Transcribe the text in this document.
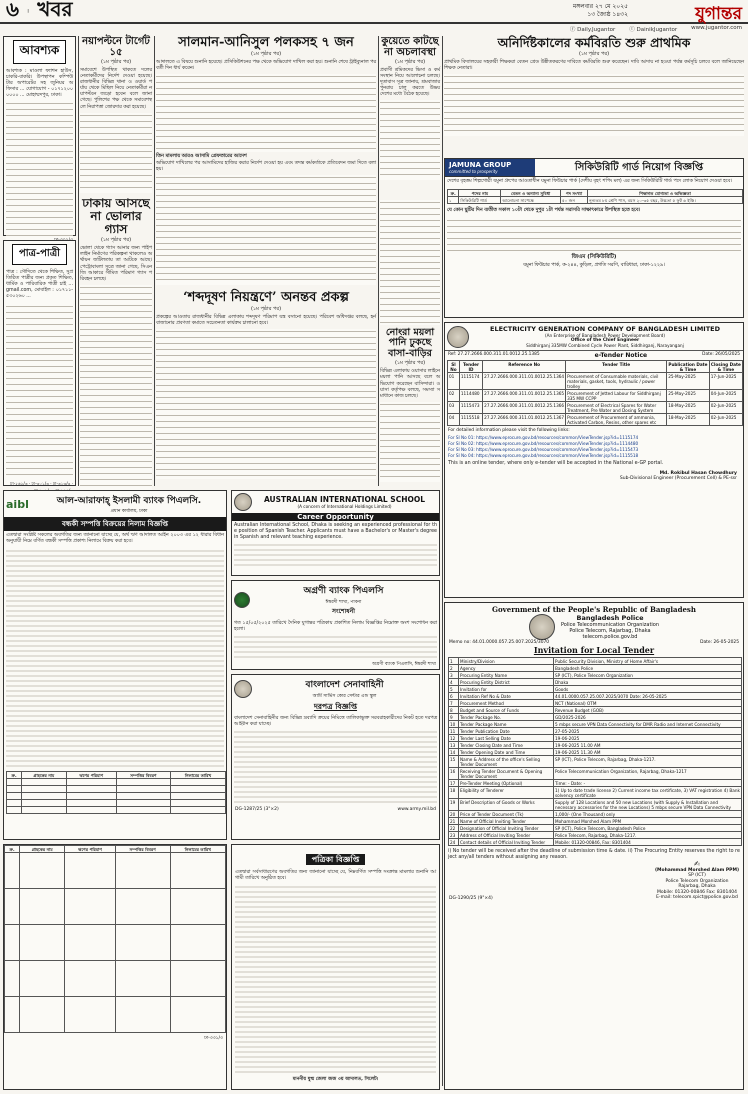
৬  |  খবর	মঙ্গলবার ২৭ মে ২০২৫
১৩ জ্যৈষ্ঠ ১৪৩২	যুগান্তর
ⓕ Daily.Jugantor	ⓣ DainikJugantor	www.jugantor.com
আবশ্যক
আবশ্যক : মাওলা ফ্যাশন হাউস, চাকরি-বাকরি। উপস্থাপন কম্পিউটার অপারেটর সহ জুনিয়র অফিসার ... যোগাযোগ - ০১৭১২০০০০০০ ... মোহাম্মদপুর, ঢাকা।
পাত্র-পাত্রী
পাত্র : সৌদিতে থেকে শিক্ষিত, সুপ্রতিষ্ঠিত পাত্রীর জন্য প্রকৃত শিক্ষিত, ধার্মিক ও পারিবারিক পাত্রী চাই ... gmail.com, মোবাইল : ০১৭১১-৫৩০২৬০ ...
ঢা-২৬২/৩ · ঢা-৩০১/৩ · ঢা-৩১৩/৩ ·
নয়াপল্টনে টার্গেট ১৫
(১ম পৃষ্ঠার পর)
সমাবেশে উপস্থিত থাকতে দলের নেতাকর্মীদের নির্দেশ দেওয়া হয়েছে। রাজধানীর বিভিন্ন থানা ও ওয়ার্ড পর্যায় থেকে মিছিল নিয়ে নেতাকর্মীরা নয়াপল্টনে জড়ো হবেন বলে জানা গেছে। পুলিশের পক্ষ থেকে সমাবেশস্থলে নিরাপত্তা জোরদার করা হয়েছে।
ঢাকায় আসছে না ভোলার গ্যাস
(১ম পৃষ্ঠার পর)
ভোলা থেকে গ্যাস আনার জন্য পাইপলাইন নির্মাণের পরিকল্পনা থাকলেও অর্থায়ন জটিলতায় তা আটকে আছে। পেট্রোবাংলা সূত্রে জানা গেছে, সিএনজি আকারে সীমিত পরিমাণ গ্যাস পরিবহন চলছে।
সালমান-আনিসুল পলকসহ ৭ জন
(১ম পৃষ্ঠার পর)
আদালতে এ বিষয়ে শুনানি হয়েছে। প্রসিকিউশনের পক্ষ থেকে অভিযোগ দাখিল করা হয়। শুনানি শেষে ট্রাইব্যুনাল পরবর্তী দিন ধার্য করেন।
তিন মামলায় আরও আসামি গ্রেফতারের আদেশ
অভিযোগ দাখিলের পর আসামিদের হাজির করার নির্দেশ দেওয়া হয় এবং তদন্ত কর্মকর্তাকে প্রতিবেদন জমা দিতে বলা হয়।
‘শব্দদূষণ নিয়ন্ত্রণে’ অনন্তব প্রকল্প
(১ম পৃষ্ঠার পর)
প্রকল্পের আওতায় রাজধানীর বিভিন্ন এলাকায় শব্দদূষণ পরিমাপ যন্ত্র বসানো হয়েছে। পরিবেশ অধিদপ্তর বলছে, হর্ন বাজানোর প্রবণতা কমাতে সচেতনতা কার্যক্রম চালানো হবে।
কুয়েতে কাটছে না অচলাবস্থা
(১ম পৃষ্ঠার পর)
প্রবাসী শ্রমিকদের ভিসা ও কর্মসংস্থান নিয়ে আলোচনা চলছে। দূতাবাস সূত্র জানায়, শ্রমবাজার পুনরায় চালু করতে উভয় দেশের মধ্যে বৈঠক হয়েছে।
অনির্দিষ্টকালের কর্মবিরতি শুরু প্রাথমিক
(১ম পৃষ্ঠার পর)
প্রাথমিক বিদ্যালয়ের সহকারী শিক্ষকরা বেতন গ্রেড উন্নীতকরণের দাবিতে কর্মবিরতি শুরু করেছেন। দাবি আদায় না হওয়া পর্যন্ত কর্মসূচি চলবে বলে জানিয়েছেন শিক্ষক নেতারা।
JAMUNA GROUP
committed to prosperity	সিকিউরিটি গার্ড নিয়োগ বিজ্ঞপ্তি
দেশের বৃহত্তম শিল্পগোষ্ঠী যমুনা গ্রুপের আওতাধীন যমুনা ফিউচার পার্ক (দেশীয় বৃহৎ শপিং মল) এর জন্য সিকিউরিটি গার্ড পদে লোক নিয়োগ দেওয়া হবে।
ক্র.	পদের নাম	বেতন ও অন্যান্য সুবিধা	পদ সংখ্যা	শিক্ষাগত যোগ্যতা ও অভিজ্ঞতা
১	সিকিউরিটি গার্ড	আলোচনা সাপেক্ষে	৫০ জন	নূন্যতম ৮ম শ্রেণি পাস, বয়স ২০-৩৫ বছর, উচ্চতা ৫ ফুট ৬ ইঞ্চি।
যে কোন ছুটির দিন ব্যতীত সকাল ১০টা থেকে দুপুর ১টা পর্যন্ত সরাসরি সাক্ষাৎকারে উপস্থিত হতে হবে।
জিএম (সিকিউরিটি)
যমুনা ফিউচার পার্ক, ক-২৪৪, কুড়িল, প্রগতি সরণি, বারিধারা, ঢাকা-১২২৯।
নোংরা ময়লা পানি ঢুকছে বাসা-বাড়ির
(১ম পৃষ্ঠার পর)
বিভিন্ন এলাকায় ওয়াসার লাইনে ময়লা পানি আসছে বলে অভিযোগ করেছেন বাসিন্দারা। ওয়াসা কর্তৃপক্ষ বলছে, সমস্যা সমাধানে কাজ চলছে।
ELECTRICITY GENERATION COMPANY OF BANGLADESH LIMITED
(An Enterprise of Bangladesh Power Development Board)
Office of the Chief Engineer
Siddhirganj 335MW Combined Cycle Power Plant, Siddhirganj, Narayanganj
Ref: 27.27.2666.000.311.01.0012.25.1385	e-Tender Notice	Date: 26/05/2025
Sl No	Tender ID	Reference No	Tender Title	Publication Date & Time	Closing Date & Time
01	1115174	27.27.2666.000.311.01.0012.25.1364	Procurement of Consumable materials, civil materials, gasket, tools, hydraulic / power trolley	25-May-2025	17-Jun-2025
02	1114480	27.27.2666.000.311.01.0012.25.1365	Procurement of Jetted Labour for Siddhirganj 335 MW CCPP	25-May-2025	04-Jun-2025
03	1115473	27.27.2666.000.311.01.0012.25.1366	Procurement of Electrical Spares for Water Treatment, Pre Water and Dosing System	18-May-2025	02-Jun-2025
04	1115518	27.27.2666.000.311.01.0012.25.1367	Procurement of Procurement of ammonia, Activated Carbon, Resins, other spares etc	18-May-2025	02-Jun-2025
For detailed information please visit the following links:
For Sl No 01: https://www.eprocure.gov.bd/resources/common/ViewTender.jsp?id=1115174
For Sl No 02: https://www.eprocure.gov.bd/resources/common/ViewTender.jsp?id=1114480
For Sl No 03: https://www.eprocure.gov.bd/resources/common/ViewTender.jsp?id=1115473
For Sl No 04: https://www.eprocure.gov.bd/resources/common/ViewTender.jsp?id=1115518
This is an online tender, where only e-tender will be accepted in the National e-GP portal.
Md. Rokibul Hasan Chowdhury
Sub-Divisional Engineer (Procurement Cell) & PE-ssr
aibl	আল-আরাফাহ্ ইসলামী ব্যাংক পিএলসি.
প্রধান কার্যালয়, ঢাকা
বন্ধকী সম্পত্তি বিক্রয়ের নিলাম বিজ্ঞপ্তি
এতদ্বারা সংশ্লিষ্ট সকলের অবগতির জন্য জানানো যাচ্ছে যে, অর্থ ঋণ আদালত আইন ২০০৩ এর ১২ ধারার বিধান অনুযায়ী নিম্নে বর্ণিত বন্ধকী সম্পত্তি প্রকাশ্য নিলামে বিক্রয় করা হবে।
ক্র.	গ্রাহকের নাম	ঋণের পরিমাণ	সম্পত্তির বিবরণ	নিলামের তারিখ

AUSTRALIAN INTERNATIONAL SCHOOL
(A concern of International Holdings Limited)
Career Opportunity
Australian International School, Dhaka is seeking an experienced professional for the position of Spanish Teacher. Applicants must have a Bachelor's or Master's degree in Spanish and relevant teaching experience.
অগ্রণী ব্যাংক পিএলসি
ঈশ্বরদী শাখা, পাবনা
সংশোধনী
গত ১৫/০৫/২০২৫ তারিখে দৈনিক যুগান্তর পত্রিকায় প্রকাশিত নিলাম বিজ্ঞপ্তির নিম্নোক্ত অংশ সংশোধন করা হলো।
অগ্রণী ব্যাংক পিএলসি, ঈশ্বরদী শাখা
বাংলাদেশ সেনাবাহিনী
আর্মি সার্ভিস কোর সেন্টার এন্ড স্কুল
দরপত্র বিজ্ঞপ্তি
বাংলাদেশ সেনাবাহিনীর জন্য বিভিন্ন দ্রব্যাদি ক্রয়ের নিমিত্তে তালিকাভুক্ত সরবরাহকারীদের নিকট হতে দরপত্র আহ্বান করা যাচ্ছে।
DG-1287/25 (3"×2)	www.army.mil.bd
পত্রিকা বিজ্ঞপ্তি
এতদ্বারা সর্বসাধারণের অবগতির জন্য জানানো যাচ্ছে যে, নিম্নবর্ণিত সম্পত্তি সংক্রান্ত মামলার শুনানি আগামী তারিখে অনুষ্ঠিত হবে।
মাননীয় যুগ্ম জেলা জজ ৩য় আদালত, সিলেট।
ক্র.	গ্রাহকের নাম	ঋণের পরিমাণ	সম্পত্তির বিবরণ	নিলামের তারিখ

ঢা-৩৩১/৩
Government of the People's Republic of Bangladesh
Bangladesh Police
Police Telecommunication Organization
Police Telecom, Rajarbag, Dhaka
telecom.police.gov.bd
Memo no: 44.01.0000.057.25.007.2025/3070	Date: 26-05-2025
Invitation for Local Tender
1	Ministry/Division	Public Security Division, Ministry of Home Affair's
2	Agency	Bangladesh Police
3	Procuring Entity Name	SP (ICT), Police Telecom Organization
4	Procuring Entity District	Dhaka
5	Invitation for	Goods
6	Invitation Ref No & Date	44.01.0000.057.25.007.2025/3070 Date: 26-05-2025
7	Procurement Method	NCT (National) OTM
8	Budget and Source of Funds	Revenue Budget (GOB)
9	Tender Package No.	GD/2025-2026
10	Tender Package Name	5 mbps secure VPN Data Connectivity for DMR Radio and Internet Connectivity
11	Tender Publication Date	27-05-2025
12	Tender Last Selling Date	19-06-2025
13	Tender Closing Date and Time	19-06-2025 11.00 AM
14	Tender Opening Date and Time	19-06-2025 11.30 AM
15	Name & Address of the office's Selling Tender Document	SP (ICT), Police Telecom, Rajarbag, Dhaka-1217.
16	Receiving Tender Document & Opening Tender Document	Police Telecommunication Organization, Rajarbag, Dhaka-1217
17	Pre-Tender Meeting (Optional)	Time: - Date: -
18	Eligibility of Tenderer	1) Up to date trade license 2) Current income tax certificate, 3) VAT registration 4) Bank solvency certificate
19	Brief Description of Goods or Works	Supply of 128 Locations and 50 new Locations (with Supply & Installation and necessary accessories for the new Locations) 5 mbps secure VPN Data Connectivity
20	Price of Tender Document (Tk)	1,000/- (One Thousand) only
21	Name of Official Inviting Tender	Mohammad Morshed Alam PPM
22	Designation of Official Inviting Tender	SP (ICT), Police Telecom, Bangladesh Police
23	Address of Official Inviting Tender	Police Telecom, Rajarbag, Dhaka-1217.
24	Contact details of Official Inviting Tender	Mobile: 01320-00846, Fax: 8301404
i) No tender will be received after the deadline of submission time & date. ii) The Procuring Entity reserves the right to reject any/all tenders without assigning any reason.
DG-1290/25 (9"×4)
✍
(Mohammad Morshed Alam PPM)
SP (ICT)
Police Telecom Organization
Rajarbag, Dhaka
Mobile: 01320-00846 Fax: 8301404
E-mail: telecom.spict@police.gov.bd
